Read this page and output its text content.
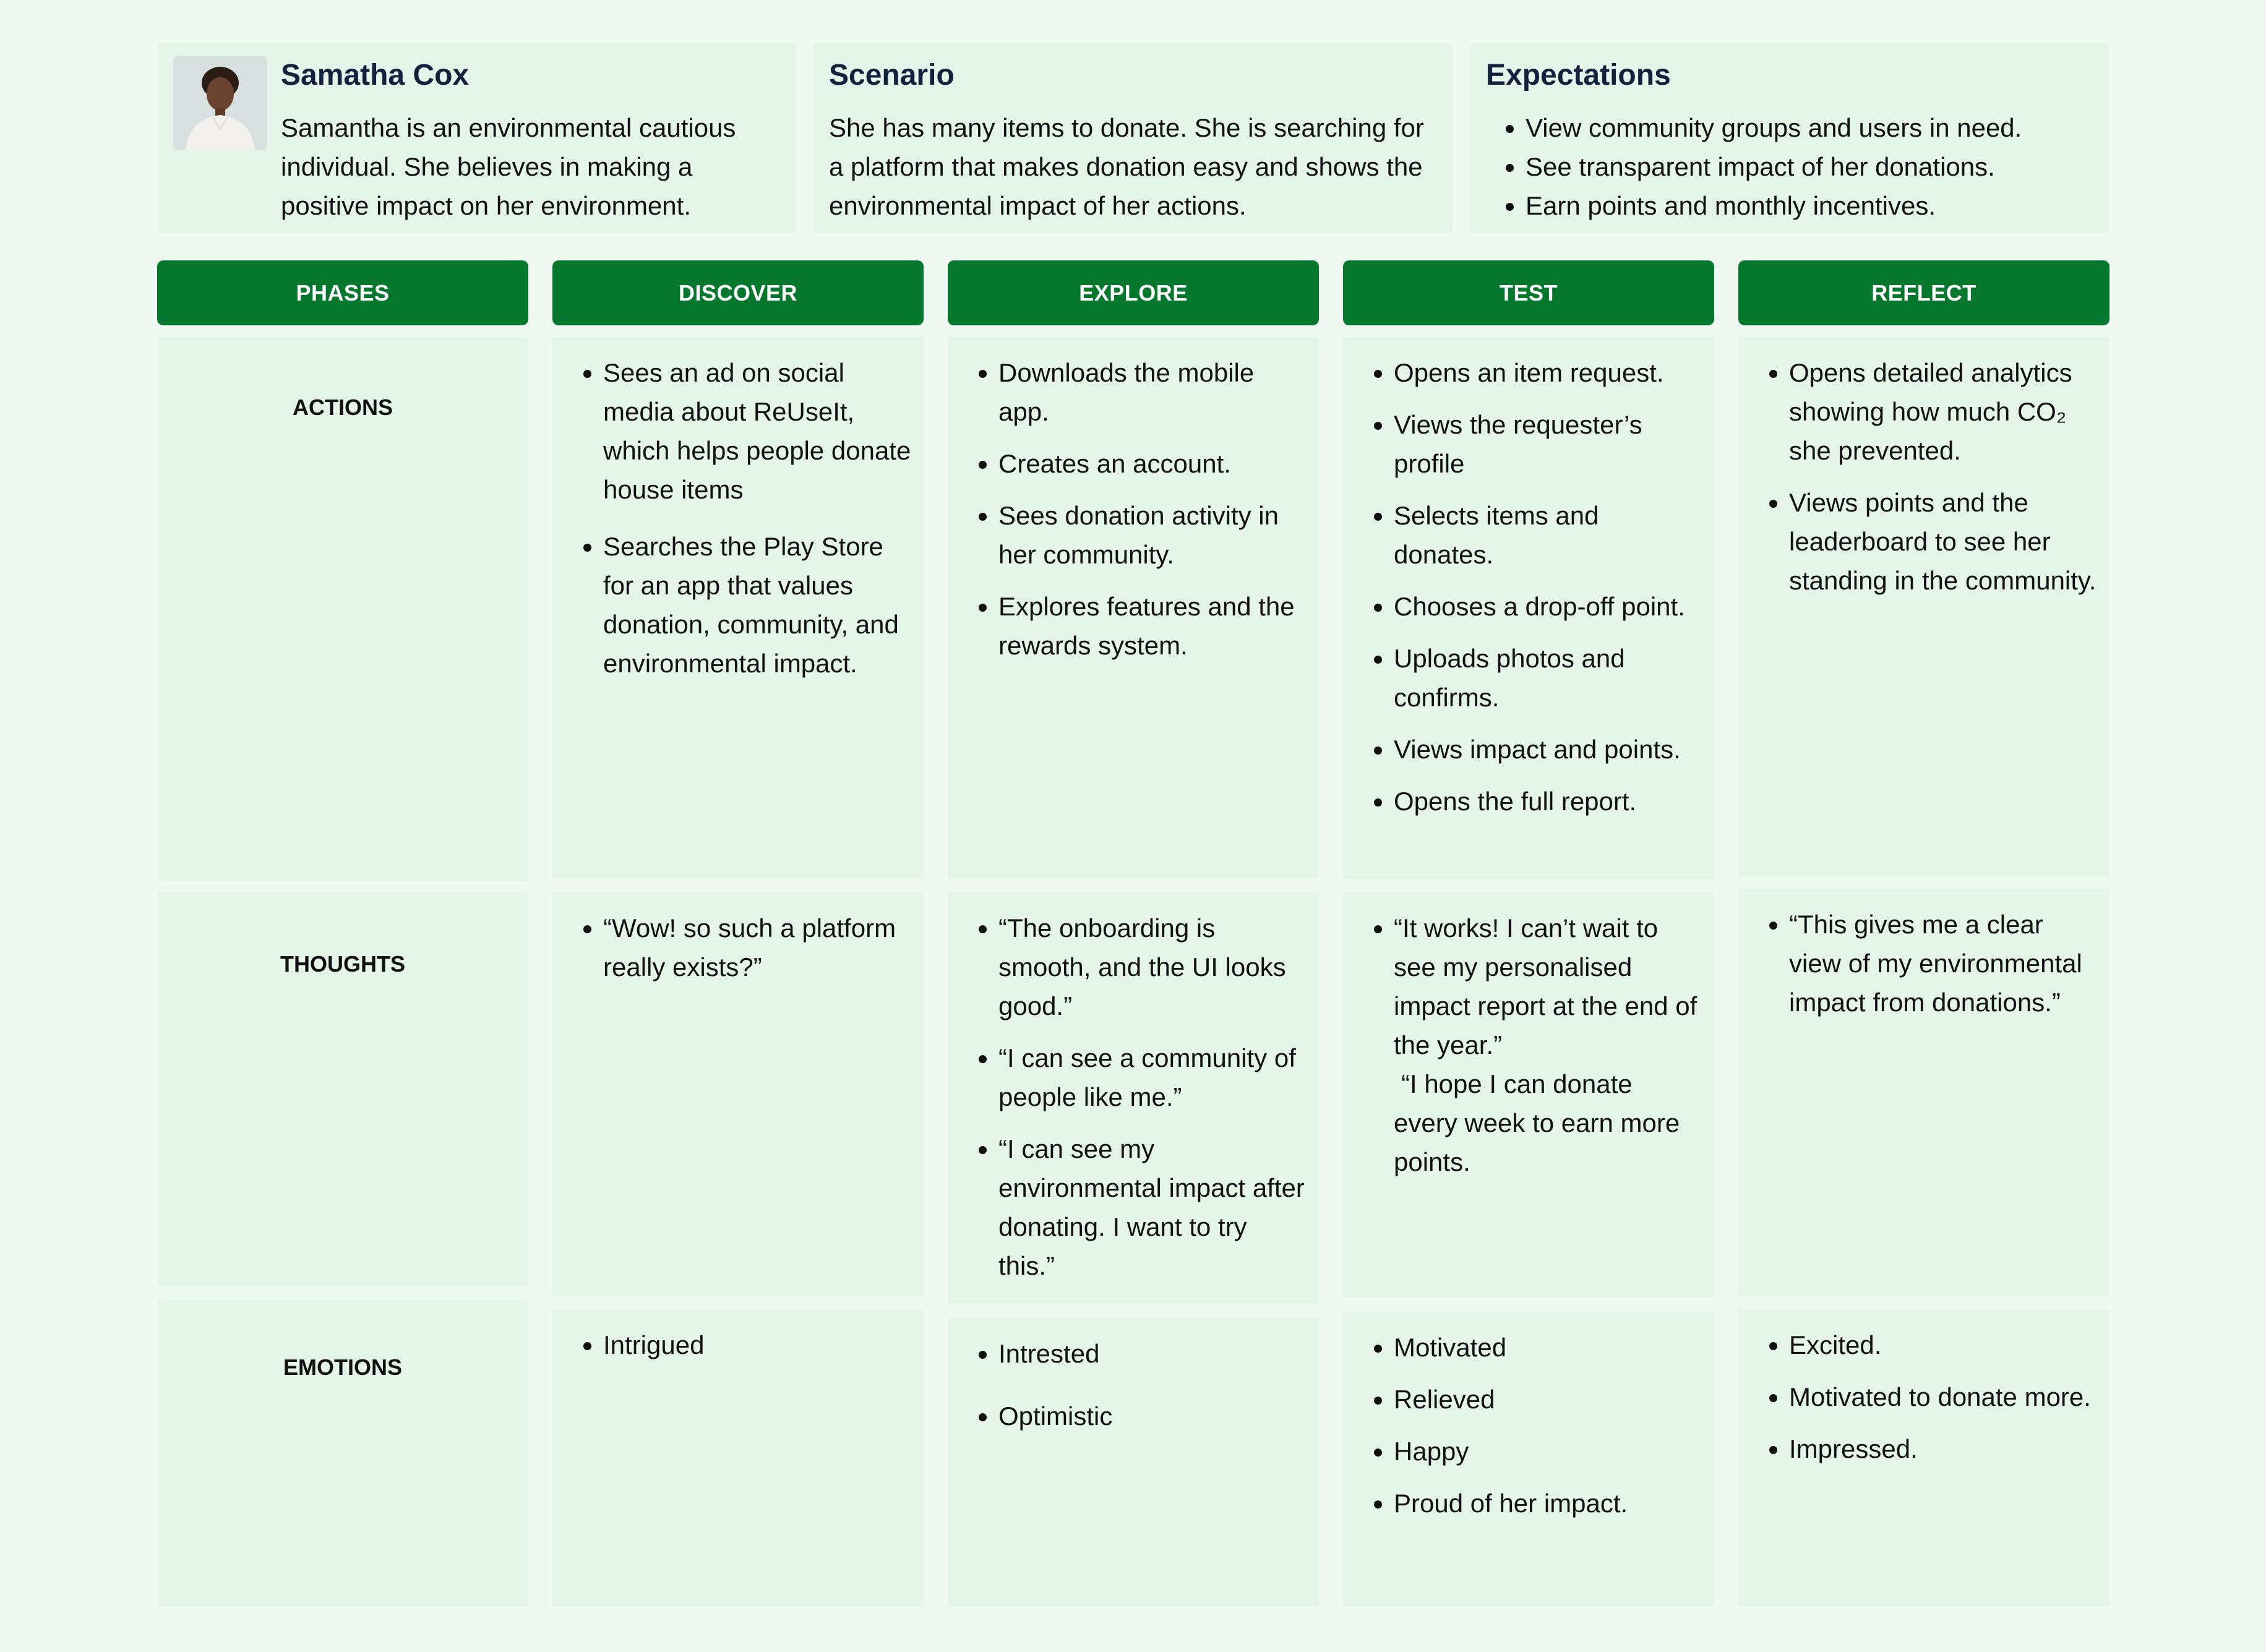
Samatha Cox

Samantha is an environmental cautious individual. She believes in making a positive impact on her environment.

Scenario

She has many items to donate. She is searching for a platform that makes donation easy and shows the environmental impact of her actions.

Expectations

• View community groups and users in need.
• See transparent impact of her donations.
• Earn points and monthly incentives.
PHASES	DISCOVER	EXPLORE	TEST	REFLECT
ACTIONS
THOUGHTS
EMOTIONS
• Sees an ad on social media about ReUseIt, which helps people donate house items
• Searches the Play Store for an app that values donation, community, and environmental impact.
• Downloads the mobile app.
• Creates an account.
• Sees donation activity in her community.
• Explores features and the rewards system.
• Opens an item request.
• Views the requester’s profile
• Selects items and donates.
• Chooses a drop-off point.
• Uploads photos and confirms.
• Views impact and points.
• Opens the full report.
• Opens detailed analytics showing how much CO₂ she prevented.
• Views points and the leaderboard to see her standing in the community.
• “Wow! so such a platform really exists?”
• “The onboarding is smooth, and the UI looks good.”
• “I can see a community of people like me.”
• “I can see my environmental impact after donating. I want to try this.”
• “It works! I can’t wait to see my personalised impact report at the end of the year.”
“I hope I can donate every week to earn more points.
• “This gives me a clear view of my environmental impact from donations.”
• Intrigued
•	Intrested
• Optimistic
• Motivated
• Relieved
• Happy
• Proud of her impact.
• Excited.
• Motivated to donate more.
• Impressed.
